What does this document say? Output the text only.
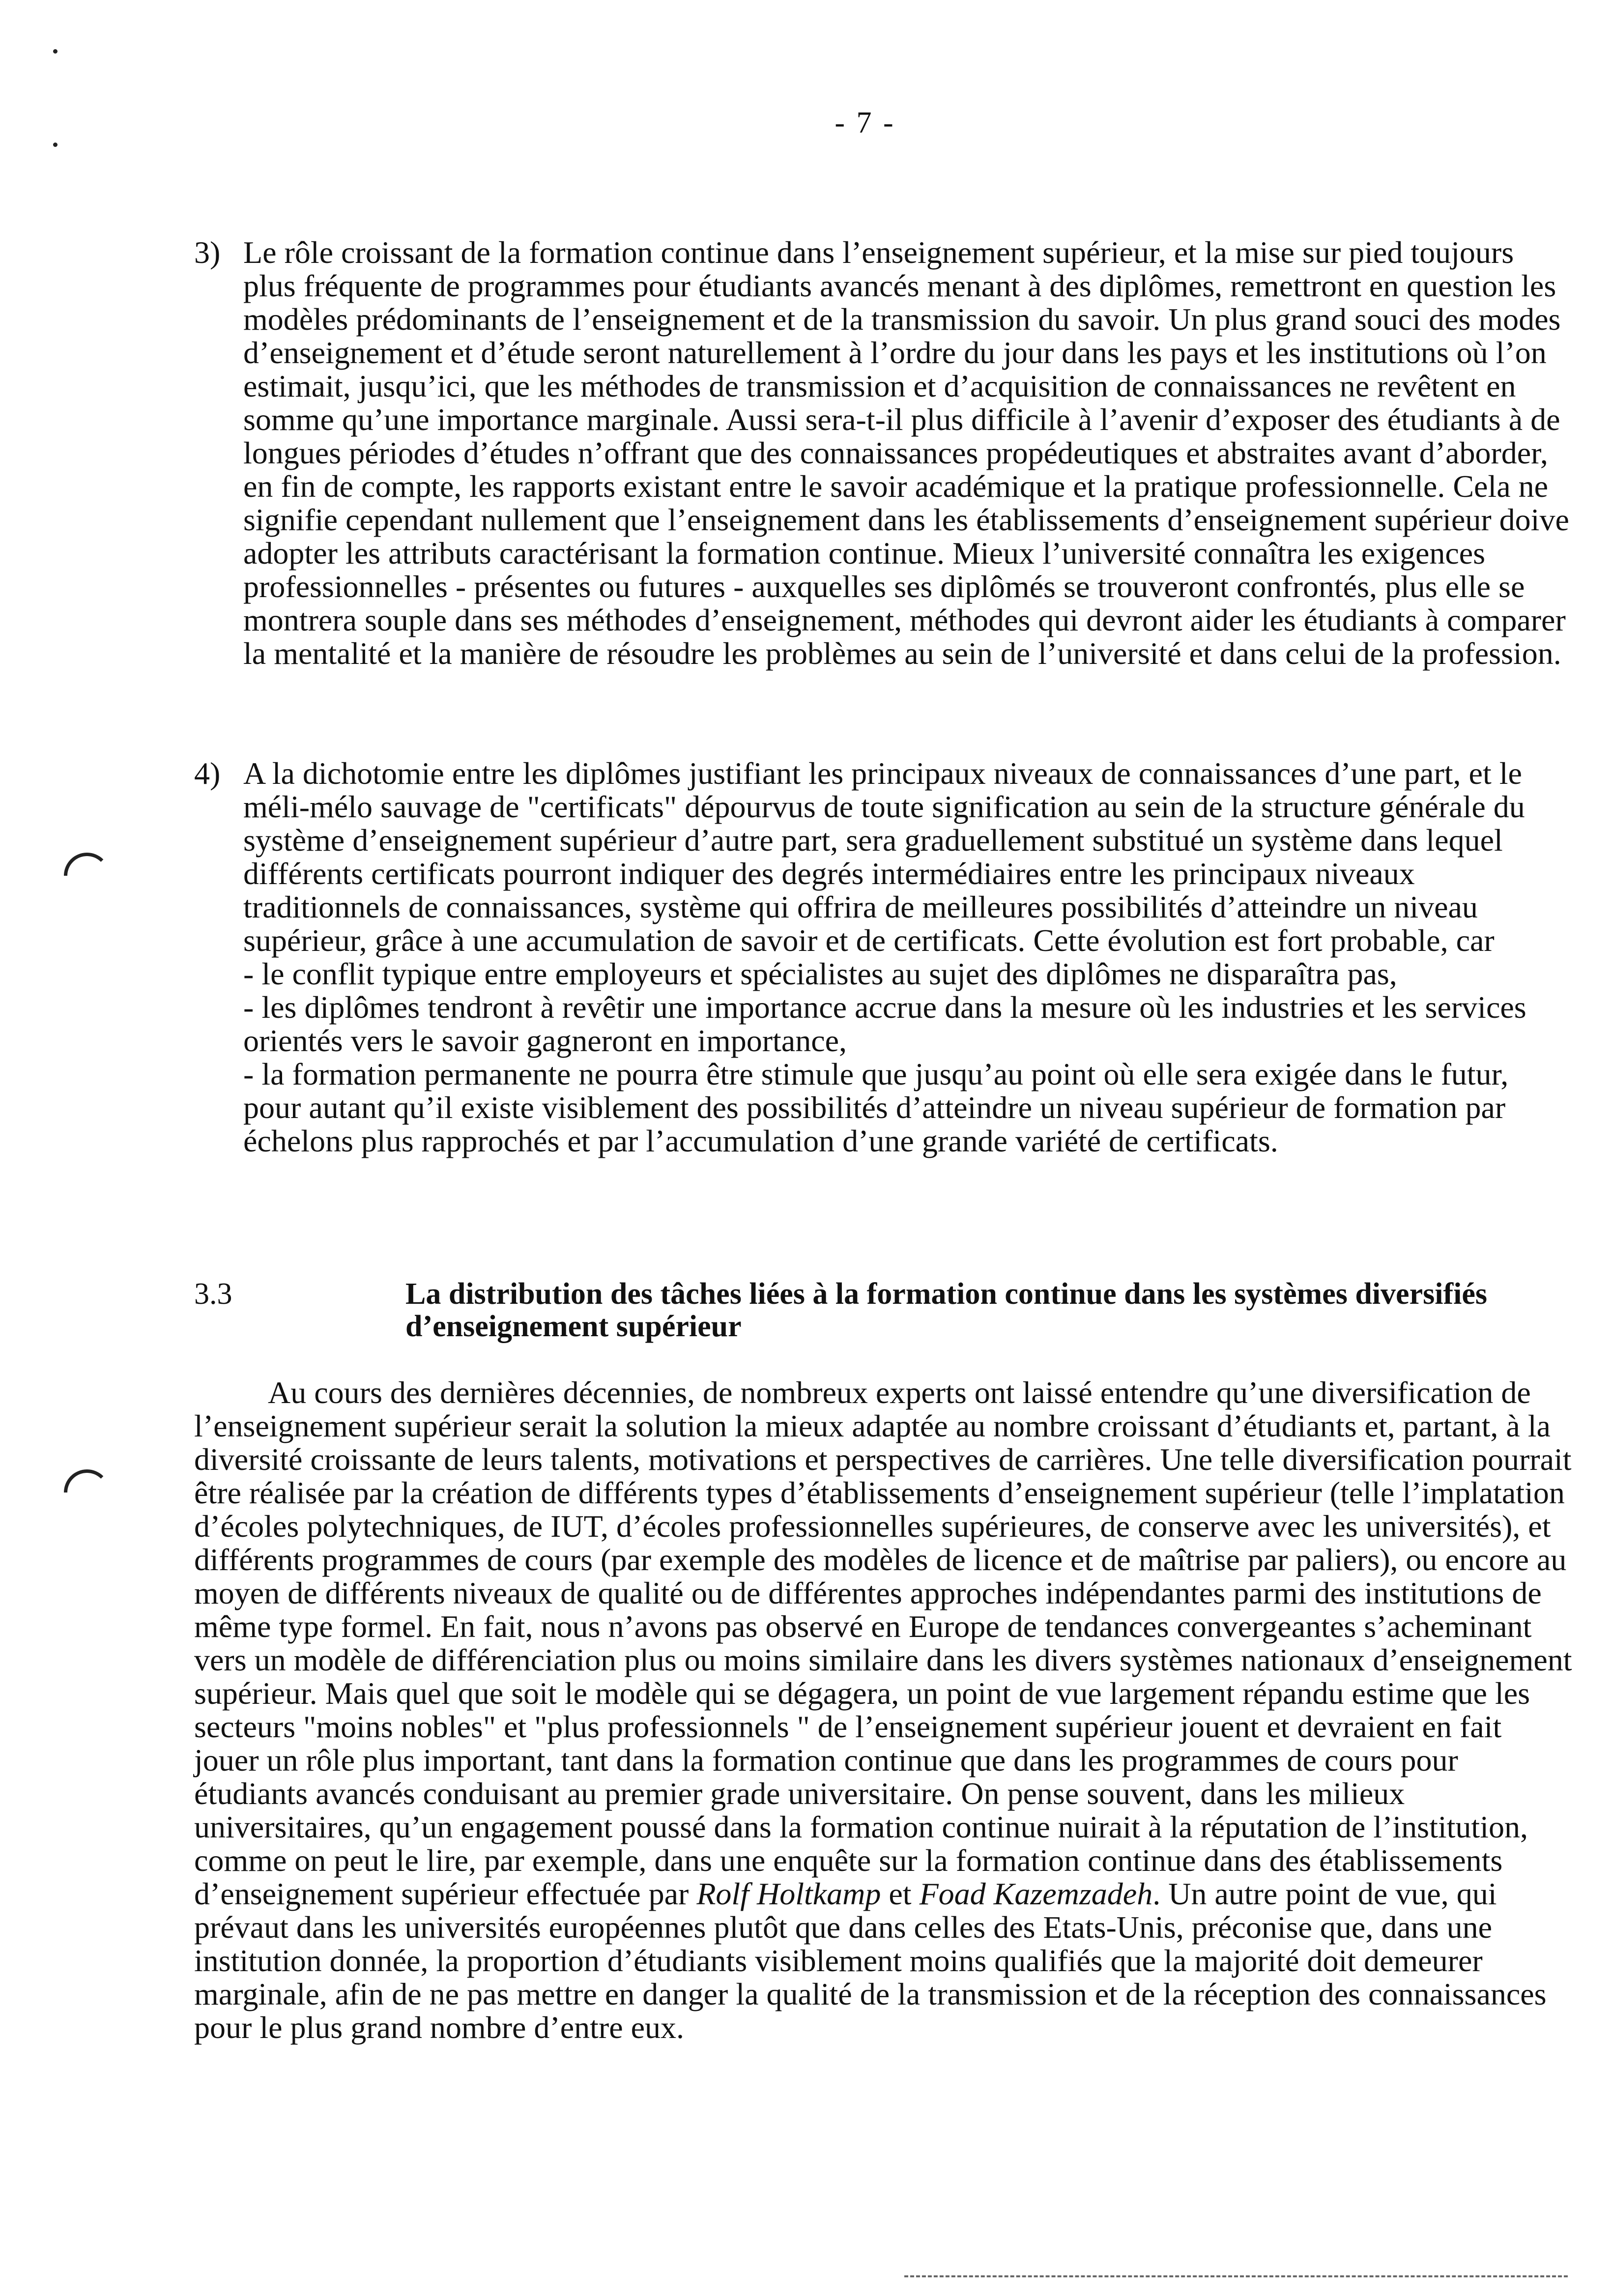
- 7 -
3) Le rôle croissant de la formation continue dans l’enseignement supérieur, et la mise sur pied toujours plus fréquente de programmes pour étudiants avancés menant à des diplômes, remettront en question les modèles prédominants de l’enseignement et de la transmission du savoir. Un plus grand souci des modes d’enseignement et d’étude seront naturellement à l’ordre du jour dans les pays et les institutions où l’on estimait, jusqu’ici, que les méthodes de transmission et d’acquisition de connaissances ne revêtent en somme qu’une importance marginale. Aussi sera-t-il plus difficile à l’avenir d’exposer des étudiants à de longues périodes d’études n’offrant que des connaissances propédeutiques et abstraites avant d’aborder, en fin de compte, les rapports existant entre le savoir académique et la pratique professionnelle. Cela ne signifie cependant nullement que l’enseignement dans les établissements d’enseignement supérieur doive adopter les attributs caractérisant la formation continue. Mieux l’université connaîtra les exigences professionnelles - présentes ou futures - auxquelles ses diplômés se trouveront confrontés, plus elle se montrera souple dans ses méthodes d’enseignement, méthodes qui devront aider les étudiants à comparer la mentalité et la manière de résoudre les problèmes au sein de l’université et dans celui de la profession.

4) A la dichotomie entre les diplômes justifiant les principaux niveaux de connaissances d’une part, et le méli-mélo sauvage de "certificats" dépourvus de toute signification au sein de la structure générale du système d’enseignement supérieur d’autre part, sera graduellement substitué un système dans lequel différents certificats pourront indiquer des degrés intermédiaires entre les principaux niveaux traditionnels de connaissances, système qui offrira de meilleures possibilités d’atteindre un niveau supérieur, grâce à une accumulation de savoir et de certificats. Cette évolution est fort probable, car

- le conflit typique entre employeurs et spécialistes au sujet des diplômes ne disparaîtra pas,

- les diplômes tendront à revêtir une importance accrue dans la mesure où les industries et les services orientés vers le savoir gagneront en importance,

- la formation permanente ne pourra être stimule que jusqu’au point où elle sera exigée dans le futur, pour autant qu’il existe visiblement des possibilités d’atteindre un niveau supérieur de formation par échelons plus rapprochés et par l’accumulation d’une grande variété de certificats.

3.3	La distribution des tâches liées à la formation continue dans les systèmes diversifiés d’enseignement supérieur

Au cours des dernières décennies, de nombreux experts ont laissé entendre qu’une diversification de l’enseignement supérieur serait la solution la mieux adaptée au nombre croissant d’étudiants et, partant, à la diversité croissante de leurs talents, motivations et perspectives de carrières. Une telle diversification pourrait être réalisée par la création de différents types d’établissements d’enseignement supérieur (telle l’implatation d’écoles polytechniques, de IUT, d’écoles professionnelles supérieures, de conserve avec les universités), et différents programmes de cours (par exemple des modèles de licence et de maîtrise par paliers), ou encore au moyen de différents niveaux de qualité ou de différentes approches indépendantes parmi des institutions de même type formel. En fait, nous n’avons pas observé en Europe de tendances convergeantes s’acheminant vers un modèle de différenciation plus ou moins similaire dans les divers systèmes nationaux d’enseignement supérieur. Mais quel que soit le modèle qui se dégagera, un point de vue largement répandu estime que les secteurs "moins nobles" et "plus professionnels " de l’enseignement supérieur jouent et devraient en fait jouer un rôle plus important, tant dans la formation continue que dans les programmes de cours pour étudiants avancés conduisant au premier grade universitaire. On pense souvent, dans les milieux universitaires, qu’un engagement poussé dans la formation continue nuirait à la réputation de l’institution, comme on peut le lire, par exemple, dans une enquête sur la formation continue dans des établissements d’enseignement supérieur effectuée par Rolf Holtkamp et Foad Kazemzadeh. Un autre point de vue, qui prévaut dans les universités européennes plutôt que dans celles des Etats-Unis, préconise que, dans une institution donnée, la proportion d’étudiants visiblement moins qualifiés que la majorité doit demeurer marginale, afin de ne pas mettre en danger la qualité de la transmission et de la réception des connaissances pour le plus grand nombre d’entre eux.
